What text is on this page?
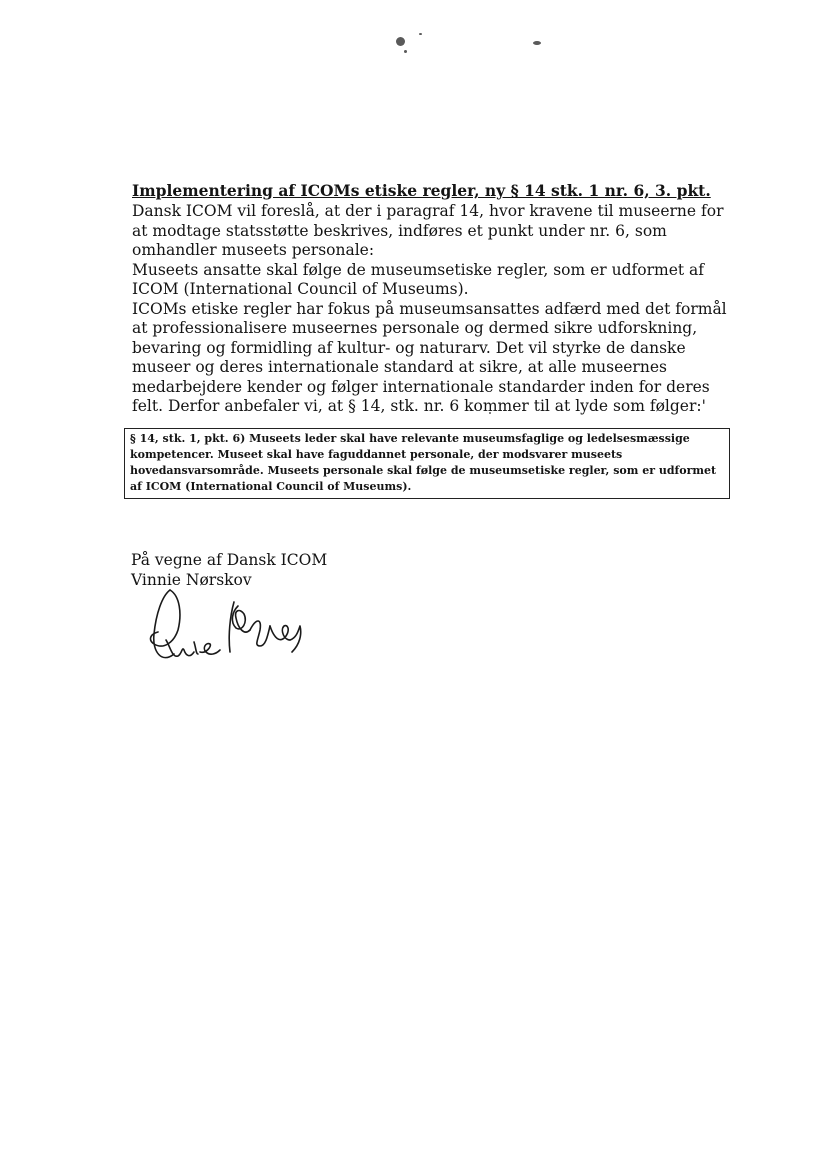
Implementering af ICOMs etiske regler, ny § 14 stk. 1 nr. 6, 3. pkt.

Dansk ICOM vil foreslå, at der i paragraf 14, hvor kravene til museerne for at modtage statsstøtte beskrives, indføres et punkt under nr. 6, som omhandler museets personale:

Museets ansatte skal følge de museumsetiske regler, som er udformet af ICOM (International Council of Museums).

ICOMs etiske regler har fokus på museumsansattes adfærd med det formål at professionalisere museernes personale og dermed sikre udforskning, bevaring og formidling af kultur- og naturarv. Det vil styrke de danske museer og deres internationale standard at sikre, at alle museernes medarbejdere kender og følger internationale standarder inden for deres felt. Derfor anbefaler vi, at § 14, stk. nr. 6 kommer til at lyde som følger:'

§ 14, stk. 1, pkt. 6) Museets leder skal have relevante museumsfaglige og ledelsesmæssige kompetencer. Museet skal have faguddannet personale, der modsvarer museets hovedansvarsområde. Museets personale skal følge de museumsetiske regler, som er udformet af ICOM (International Council of Museums).
På vegne af Dansk ICOM
Vinnie Nørskov
